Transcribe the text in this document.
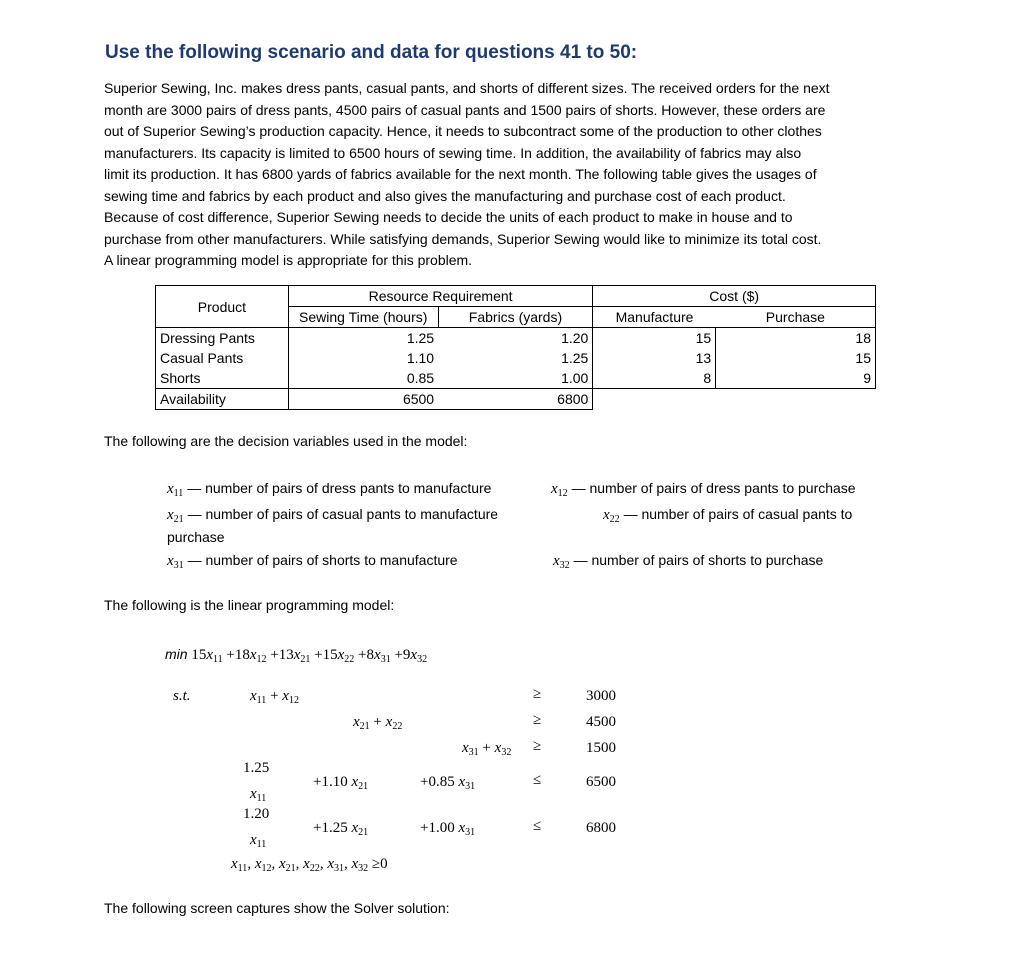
Use the following scenario and data for questions 41 to 50:
Superior Sewing, Inc. makes dress pants, casual pants, and shorts of different sizes. The received orders for the next
month are 3000 pairs of dress pants, 4500 pairs of casual pants and 1500 pairs of shorts. However, these orders are
out of Superior Sewing’s production capacity. Hence, it needs to subcontract some of the production to other clothes
manufacturers. Its capacity is limited to 6500 hours of sewing time. In addition, the availability of fabrics may also
limit its production. It has 6800 yards of fabrics available for the next month. The following table gives the usages of
sewing time and fabrics by each product and also gives the manufacturing and purchase cost of each product.
Because of cost difference, Superior Sewing needs to decide the units of each product to make in house and to
purchase from other manufacturers. While satisfying demands, Superior Sewing would like to minimize its total cost.
A linear programming model is appropriate for this problem.
Product	Resource Requirement		Cost ($)	
	Sewing Time (hours)	Fabrics (yards)	Manufacture	Purchase
Dressing Pants	1.25	1.20	15	18
Casual Pants	1.10	1.25	13	15
Shorts	0.85	1.00	8	9
Availability	6500	6800		
The following are the decision variables used in the model:
$x_{11}$ — number of pairs of dress pants to manufacture	$x_{12}$ — number of pairs of dress pants to purchase
$x_{21}$ — number of pairs of casual pants to manufacture	$x_{22}$ — number of pairs of casual pants to
purchase
$x_{31}$ — number of pairs of shorts to manufacture	$x_{32}$ — number of pairs of shorts to purchase
The following is the linear programming model:
$\min 15x_{11} +18x_{12} +13x_{21} +15x_{22} +8x_{31} +9x_{32}$
s.t.	$x_{11} + x_{12}$	≥	3000
$x_{21} + x_{22}$	≥	4500
$x_{31} + x_{32}$ ≥	1500
1.25
$x_{11}$
+1.10 $x_{21}$	+0.85 $x_{31}$	≤	6500
1.20
$x_{11}$
+1.25 $x_{21}$	+1.00 $x_{31}$	≤	6800
$x_{11}$, $x_{12}$, $x_{21}$, $x_{22}$, $x_{31}$, $x_{32} \ge 0$
The following screen captures show the Solver solution:
